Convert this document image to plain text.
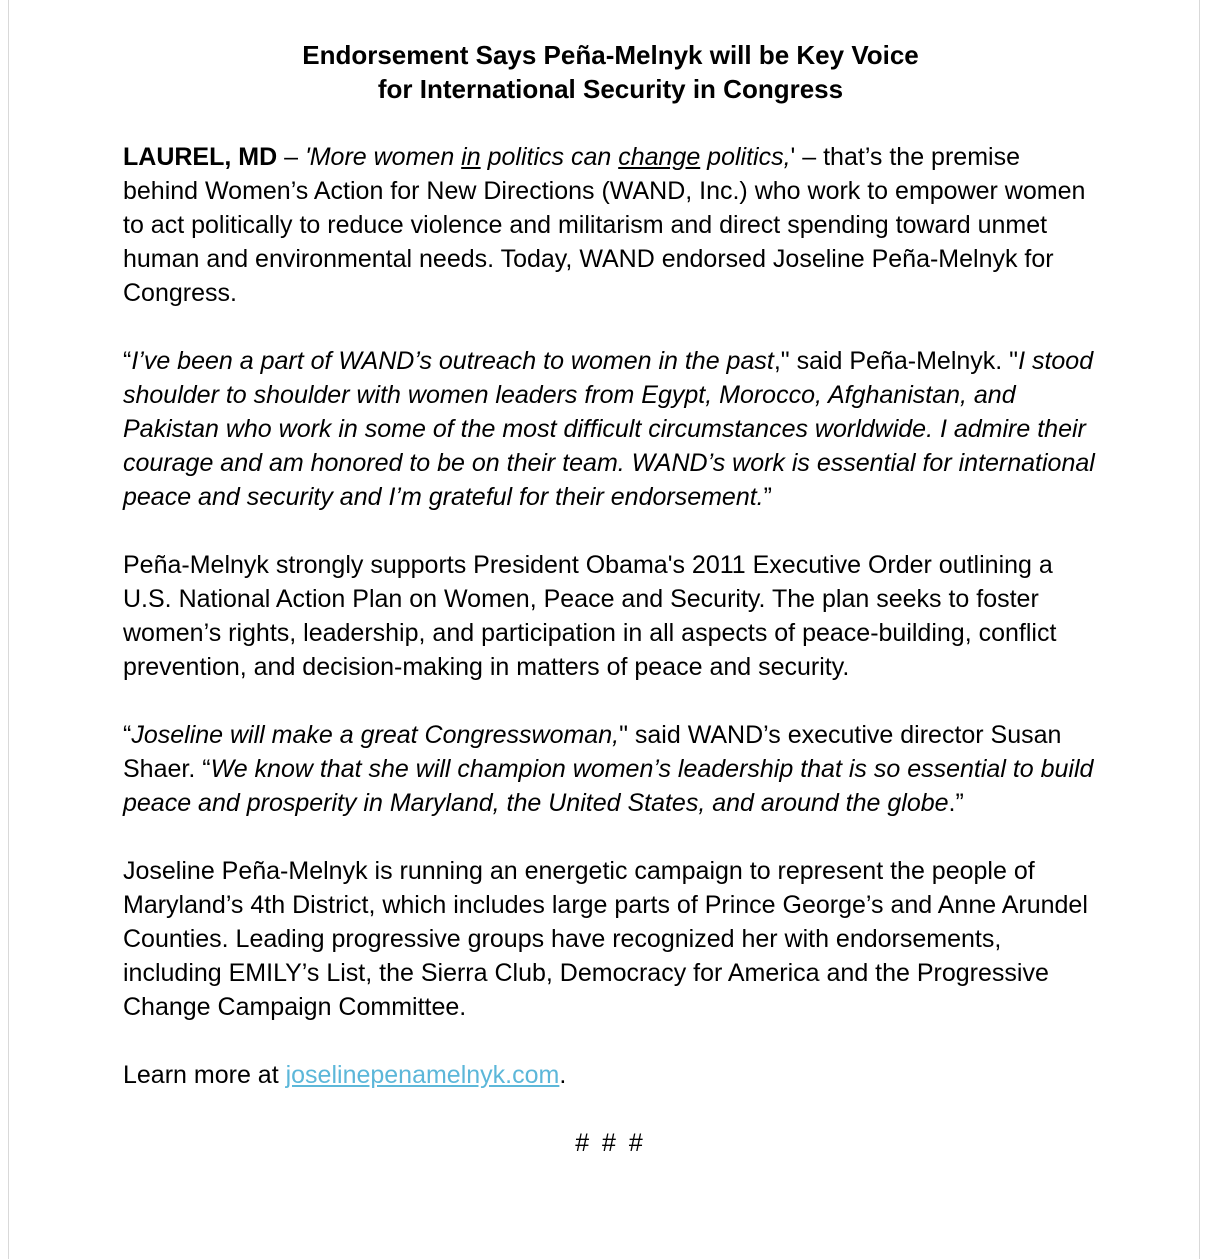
Endorsement Says Peña-Melnyk will be Key Voice
for International Security in Congress

LAUREL, MD – 'More women in politics can change politics,' – that’s the premise behind Women’s Action for New Directions (WAND, Inc.) who work to empower women to act politically to reduce violence and militarism and direct spending toward unmet human and environmental needs. Today, WAND endorsed Joseline Peña-Melnyk for Congress.

“I’ve been a part of WAND’s outreach to women in the past," said Peña-Melnyk. "I stood shoulder to shoulder with women leaders from Egypt, Morocco, Afghanistan, and Pakistan who work in some of the most difficult circumstances worldwide. I admire their courage and am honored to be on their team. WAND’s work is essential for international peace and security and I’m grateful for their endorsement.”

Peña-Melnyk strongly supports President Obama's 2011 Executive Order outlining a U.S. National Action Plan on Women, Peace and Security. The plan seeks to foster women’s rights, leadership, and participation in all aspects of peace-building, conflict prevention, and decision-making in matters of peace and security.

“Joseline will make a great Congresswoman," said WAND’s executive director Susan Shaer. “We know that she will champion women’s leadership that is so essential to build peace and prosperity in Maryland, the United States, and around the globe.”

Joseline Peña-Melnyk is running an energetic campaign to represent the people of Maryland’s 4th District, which includes large parts of Prince George’s and Anne Arundel Counties. Leading progressive groups have recognized her with endorsements, including EMILY’s List, the Sierra Club, Democracy for America and the Progressive Change Campaign Committee.

Learn more at joselinepenamelnyk.com.

# # #
